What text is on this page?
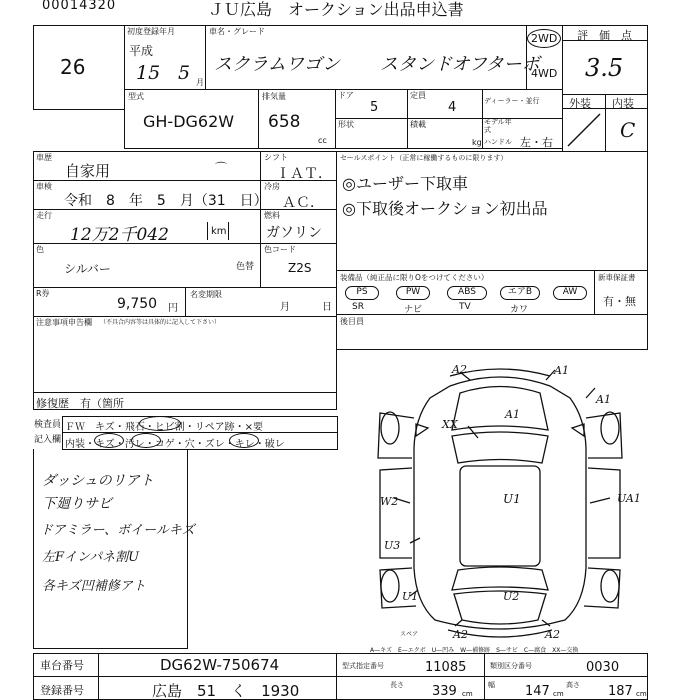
00014320	ＪＵ広島　オークション出品申込書
26
初度登録年月
平成
15 5 月
車名・グレード
スクラムワゴン スタンドオフターボ
2WD
4WD
評　価　点
3.5
型式
GH-DG62W
排気量
658
cc
ドア
5
定員
4	ディーラー・並行
形状	積載
kg
モデル年式
ハンドル 左・右
外装 内装
C
車歴
自家用	⌒
シフト
ＩＡＴ．
車検
令和　8　年　5　月（31　日）
冷房
ＡＣ．
走行
12万2千042	km
燃料
ガソリン
色
シルバー	色替
色コード
Z2S
R券
9,750 円
名変期限
月	日
セールスポイント（正常に稼働するものに限ります）
◎ユーザー下取車
◎下取後オークション初出品
装備品（純正品に限りOをつけてください）	新車保証書
有・無
PS	PW	ABS	エアB	AW
SR	ナビ	TV	カワ
後目員
注意事項申告欄 （不具合内容等は具体的に記入して下さい）
修復歴　有（箇所
検査員
記入欄
ＦＷ　キズ・飛石・ヒビ割・リペア跡・×要
内装・キズ・汚レ・コゲ・穴・ズレ・キレ・破レ
ダッシュのリアト
下廻りサビ
ドアミラー、ボイールキズ
左Fインパネ割U
各キズ凹補修アト
A2	A1
A1
A1
XX
W2	U1	UA1
U3
U1	U2
A2	A2
スペア
A—キズ　E—エクボ　U—凹み　W—補修跡　S—サビ　C—腐食　XX—交換
車台番号	DG62W-750674
登録番号	広島　51　く　1930
型式指定番号	11085	類別区分番号	0030
長さ 339 cm
幅 147 cm
高さ 187 cm
